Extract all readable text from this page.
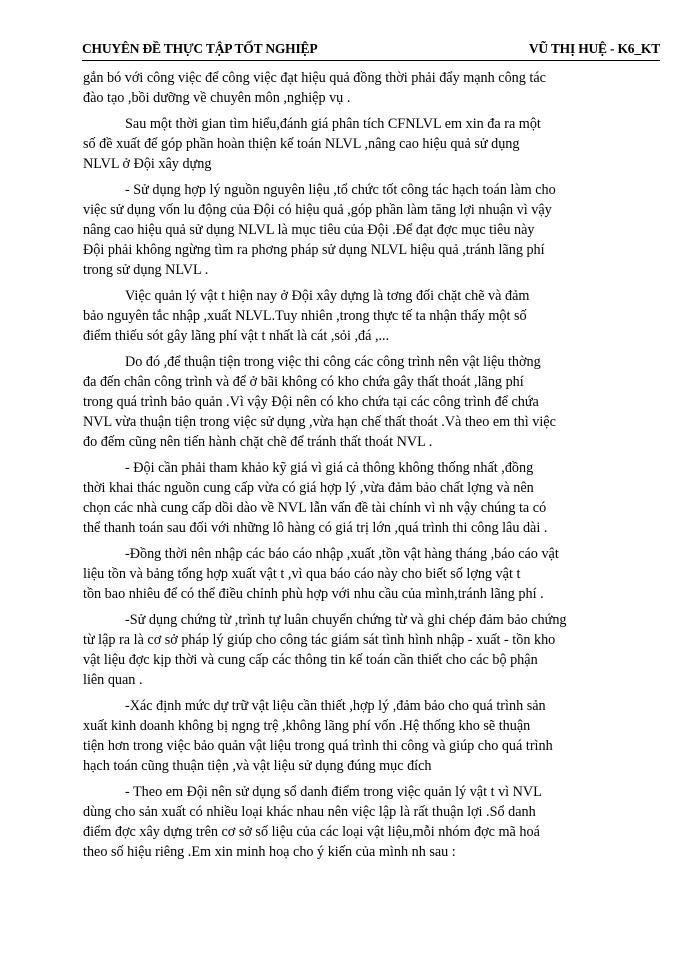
CHUYÊN ĐỀ THỰC TẬP TỐT NGHIỆP	VŨ THỊ HUỆ - K6_KT
gắn bó với công việc để công việc đạt hiệu quả đồng thời phải đẩy mạnh công tác
đào tạo ,bồi dưỡng về chuyên môn ,nghiệp vụ .
Sau một thời gian tìm hiểu,đánh giá phân tích CFNLVL em xin đa ra một
số đề xuất để góp phần hoàn thiện kế toán NLVL ,nâng cao hiệu quả sử dụng
NLVL ở Đội xây dựng
- Sử dụng hợp lý nguồn nguyên liệu ,tổ chức tốt công tác hạch toán làm cho
việc sử dụng vốn lu động của Đội có hiệu quả ,góp phần làm tăng lợi nhuận vì vậy
nâng cao hiệu quả sử dụng NLVL là mục tiêu của Đội .Để đạt đợc mục tiêu này
Đội phải không ngừng tìm ra phơng pháp sử dụng NLVL hiệu quả ,tránh lãng phí
trong sử dụng NLVL .
Việc quản lý vật t hiện nay ở Đội xây dựng là tơng đối chặt chẽ và đảm
bảo nguyên tắc nhập ,xuất NLVL.Tuy nhiên ,trong thực tế ta nhận thấy một số
điểm thiếu sót gây lãng phí vật t nhất là cát ,sỏi ,đá ,...
Do đó ,để thuận tiện trong việc thi công các công trình nên vật liệu thờng
đa đến chân công trình và để ở bãi không có kho chứa gây thất thoát ,lãng phí
trong quá trình bảo quản .Vì vậy Đội nên có kho chứa tại các công trình để chứa
NVL vừa thuận tiện trong việc sử dụng ,vừa hạn chế thất thoát .Và theo em thì việc
đo đếm cũng nên tiến hành chặt chẽ để tránh thất thoát NVL .
- Đội cần phải tham khảo kỹ giá vì giá cả thông không thống nhất ,đồng
thời khai thác nguồn cung cấp vừa có giá hợp lý ,vừa đảm bảo chất lợng và nên
chọn các nhà cung cấp dồi dào về NVL lẫn vấn đề tài chính vì nh vậy chúng ta có
thể thanh toán sau đối với những lô hàng có giá trị lớn ,quá trình thi công lâu dài .
-Đồng thời nên nhập các báo cáo nhập ,xuất ,tồn vật hàng tháng ,báo cáo vật
liệu tồn và bảng tổng hợp xuất vật t ,vì qua báo cáo này cho biết số lợng vật t
tồn bao nhiêu để có thể điều chỉnh phù hợp với nhu cầu của mình,tránh lãng phí .
-Sử dụng chứng từ ,trình tự luân chuyển chứng từ và ghi chép đảm bảo chứng
từ lập ra là cơ sở pháp lý giúp cho công tác giám sát tình hình nhập - xuất - tồn kho
vật liệu đợc kịp thời và cung cấp các thông tin kế toán cần thiết cho các bộ phận
liên quan .
-Xác định mức dự trữ vật liệu cần thiết ,hợp lý ,đảm bảo cho quá trình sản
xuất kinh doanh không bị ngng trệ ,không lãng phí vốn .Hệ thống kho sẽ thuận
tiện hơn trong việc bảo quản vật liệu trong quá trình thi công và giúp cho quá trình
hạch toán cũng thuận tiện ,và vật liệu sử dụng đúng mục đích
- Theo em Đội nên sử dụng sổ danh điểm trong việc quản lý vật t vì NVL
dùng cho sản xuất có nhiều loại khác nhau nên việc lập là rất thuận lợi .Sổ danh
điểm đợc xây dựng trên cơ sở số liệu của các loại vật liệu,mỗi nhóm đợc mã hoá
theo số hiệu riêng .Em xin minh hoạ cho ý kiến của mình nh sau :
